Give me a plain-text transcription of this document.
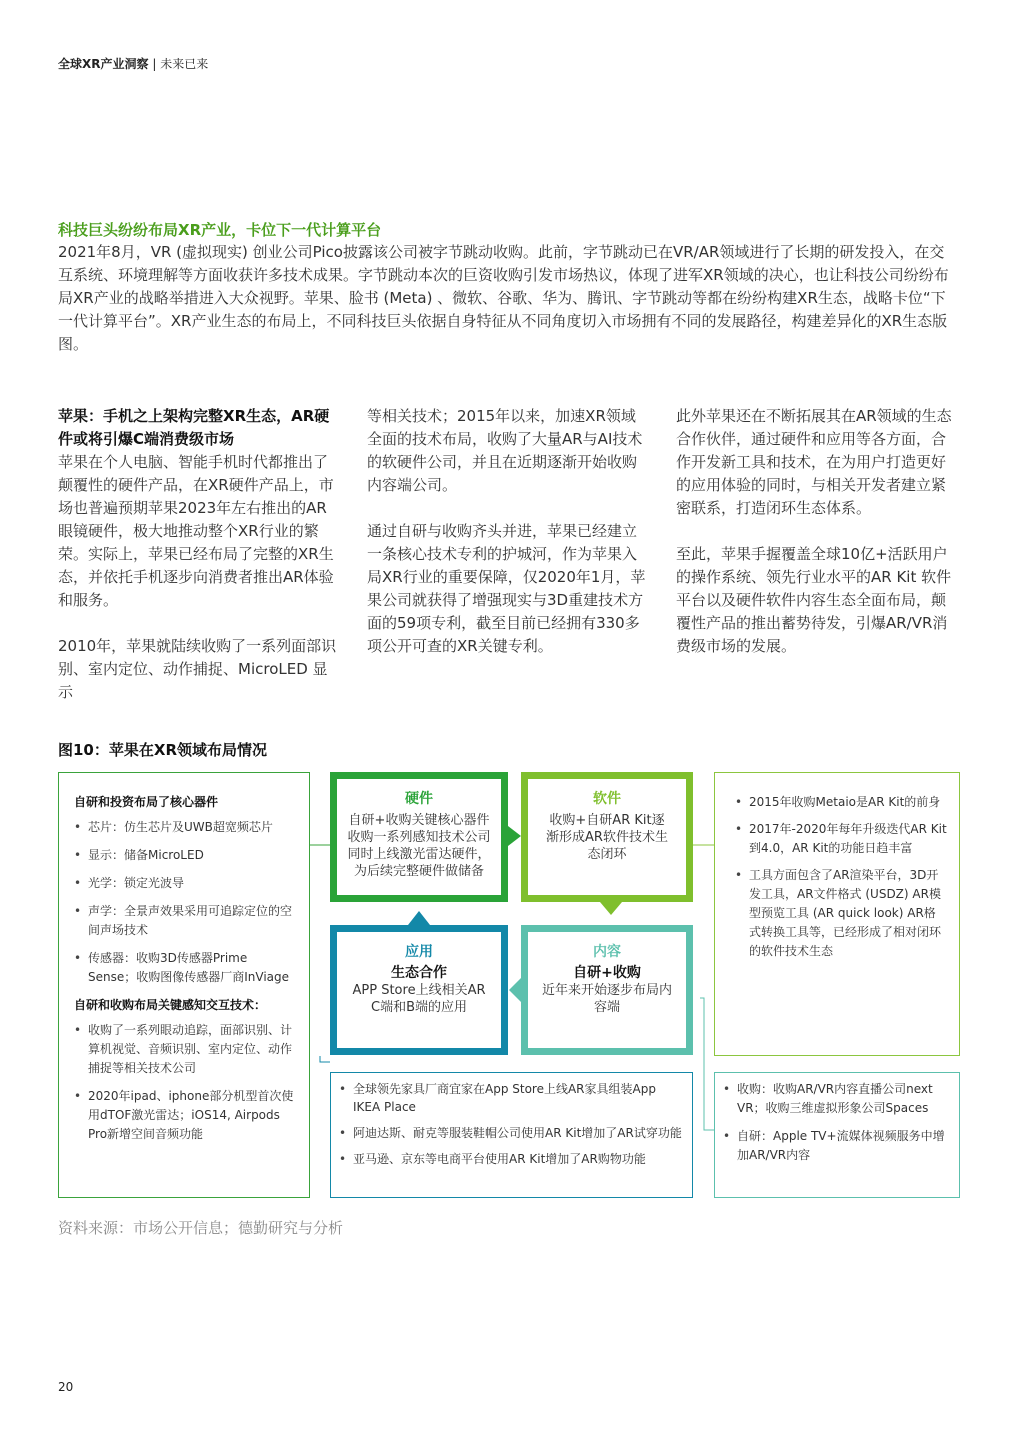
全球XR产业洞察 | 未来已来
科技巨头纷纷布局XR产业，卡位下一代计算平台
2021年8月，VR (虚拟现实) 创业公司Pico披露该公司被字节跳动收购。此前，字节跳动已在VR/AR领域进行了长期的研发投入，在交互系统、环境理解等方面收获许多技术成果。字节跳动本次的巨资收购引发市场热议，体现了进军XR领域的决心，也让科技公司纷纷布局XR产业的战略举措进入大众视野。苹果、脸书 (Meta) 、微软、谷歌、华为、腾讯、字节跳动等都在纷纷构建XR生态，战略卡位“下一代计算平台”。XR产业生态的布局上，不同科技巨头依据自身特征从不同角度切入市场拥有不同的发展路径，构建差异化的XR生态版图。

苹果：手机之上架构完整XR生态，AR硬件或将引爆C端消费级市场

苹果在个人电脑、智能手机时代都推出了颠覆性的硬件产品，在XR硬件产品上，市场也普遍预期苹果2023年左右推出的AR眼镜硬件，极大地推动整个XR行业的繁荣。实际上，苹果已经布局了完整的XR生态，并依托手机逐步向消费者推出AR体验和服务。

2010年，苹果就陆续收购了一系列面部识别、室内定位、动作捕捉、MicroLED 显示

等相关技术；2015年以来，加速XR领域全面的技术布局，收购了大量AR与AI技术的软硬件公司，并且在近期逐渐开始收购内容端公司。

通过自研与收购齐头并进，苹果已经建立一条核心技术专利的护城河，作为苹果入局XR行业的重要保障，仅2020年1月，苹果公司就获得了增强现实与3D重建技术方面的59项专利，截至目前已经拥有330多项公开可查的XR关键专利。

此外苹果还在不断拓展其在AR领域的生态合作伙伴，通过硬件和应用等各方面，合作开发新工具和技术，在为用户打造更好的应用体验的同时，与相关开发者建立紧密联系，打造闭环生态体系。

至此，苹果手握覆盖全球10亿+活跃用户的操作系统、领先行业水平的AR Kit 软件平台以及硬件软件内容生态全面布局，颠覆性产品的推出蓄势待发，引爆AR/VR消费级市场的发展。

图10：苹果在XR领域布局情况
自研和投资布局了核心器件
• 芯片：仿生芯片及UWB超宽频芯片
• 显示：储备MicroLED
• 光学：锁定光波导
• 声学：全景声效果采用可追踪定位的空间声场技术
• 传感器：收购3D传感器Prime Sense；收购图像传感器厂商InViage
自研和收购布局关键感知交互技术：
• 收购了一系列眼动追踪，面部识别、计算机视觉、音频识别、室内定位、动作捕捉等相关技术公司
• 2020年ipad、iphone部分机型首次使用dTOF激光雷达；iOS14, Airpods Pro新增空间音频功能
硬件
自研+收购关键核心器件收购一系列感知技术公司同时上线激光雷达硬件，为后续完整硬件做储备
软件
收购+自研AR Kit逐渐形成AR软件技术生态闭环
应用
生态合作
APP Store上线相关AR C端和B端的应用
内容
自研+收购
近年来开始逐步布局内容端
• 2015年收购Metaio是AR Kit的前身
• 2017年-2020年每年升级迭代AR Kit到4.0，AR Kit的功能日趋丰富
• 工具方面包含了AR渲染平台，3D开发工具，AR文件格式 (USDZ) AR模型预览工具 (AR quick look) AR格式转换工具等，已经形成了相对闭环的软件技术生态
• 全球领先家具厂商宜家在App Store上线AR家具组装App IKEA Place
• 阿迪达斯、耐克等服装鞋帽公司使用AR Kit增加了AR试穿功能
• 亚马逊、京东等电商平台使用AR Kit增加了AR购物功能
• 收购：收购AR/VR内容直播公司next VR；收购三维虚拟形象公司Spaces
• 自研：Apple TV+流媒体视频服务中增加AR/VR内容
资料来源：市场公开信息；德勤研究与分析
20
